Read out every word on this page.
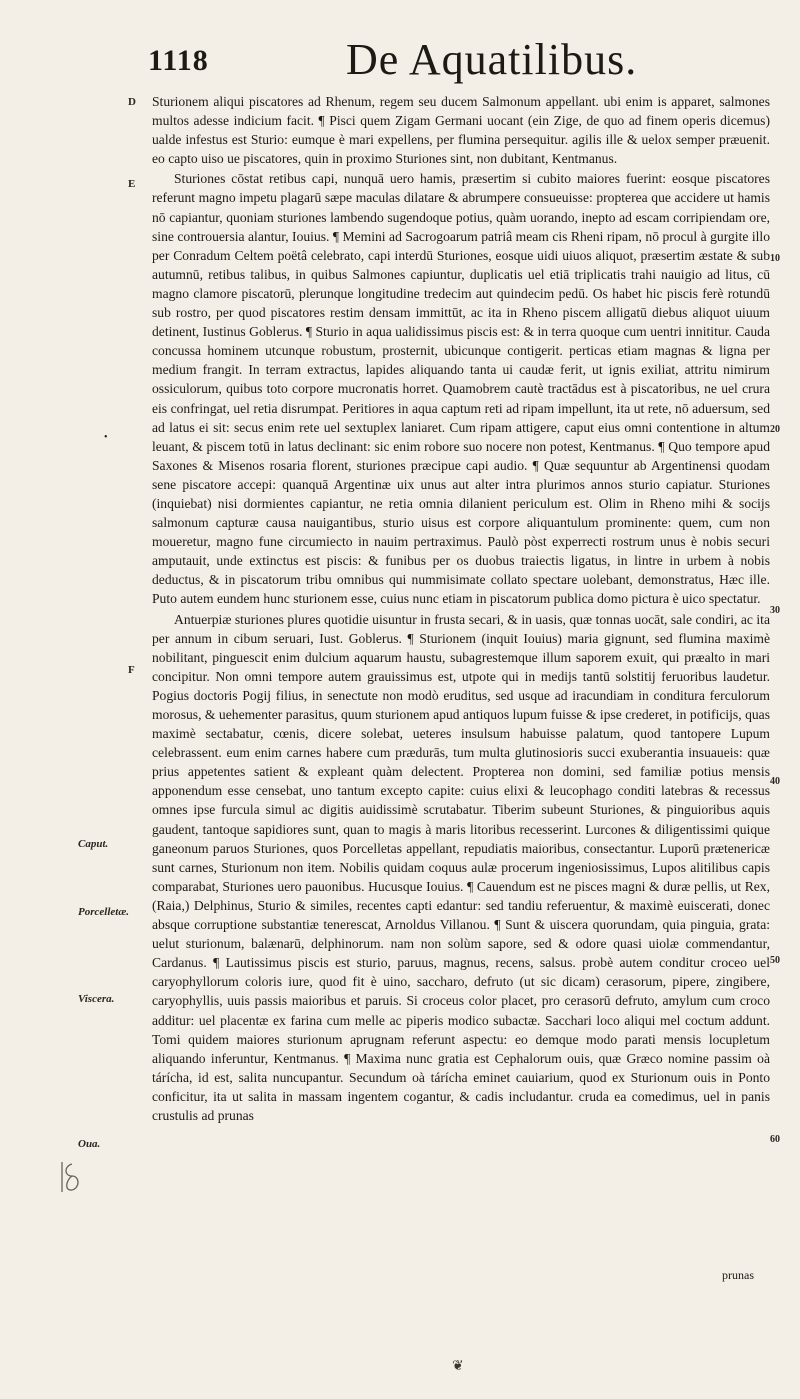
1118	De Aquatilibus.
D
E
F
•
10
20
30
40
50
60
Caput.
Porcelletæ.
Viscera.
Oua.

Sturionem aliqui piscatores ad Rhenum, regem seu ducem Salmonum appellant. ubi enim is apparet, salmones multos adesse indicium facit. ¶ Pisci quem Zigam Germani uocant (ein Zige, de quo ad finem operis dicemus) ualde infestus est Sturio: eumque è mari expellens, per flumina persequitur. agilis ille & uelox semper præuenit. eo capto uiso ue piscatores, quin in proximo Sturiones sint, non dubitant, Kentmanus.

Sturiones cōstat retibus capi, nunquā uero hamis, præsertim si cubito maiores fuerint: eosque piscatores referunt magno impetu plagarū sæpe maculas dilatare & abrumpere consueuisse: propterea que accidere ut hamis nō capiantur, quoniam sturiones lambendo sugendoque potius, quàm uorando, inepto ad escam corripiendam ore, sine controuersia alantur, Iouius. ¶ Memini ad Sacrogoarum patriâ meam cis Rheni ripam, nō procul à gurgite illo per Conradum Celtem poëtâ celebrato, capi interdū Sturiones, eosque uidi uiuos aliquot, præsertim æstate & sub autumnū, retibus talibus, in quibus Salmones capiuntur, duplicatis uel etiā triplicatis trahi nauigio ad litus, cū magno clamore piscatorū, plerunque longitudine tredecim aut quindecim pedū. Os habet hic piscis ferè rotundū sub rostro, per quod piscatores restim densam immittūt, ac ita in Rheno piscem alligatū diebus aliquot uiuum detinent, Iustinus Goblerus. ¶ Sturio in aqua ualidissimus piscis est: & in terra quoque cum uentri innititur. Cauda concussa hominem utcunque robustum, prosternit, ubicunque contigerit. perticas etiam magnas & ligna per medium frangit. In terram extractus, lapides aliquando tanta ui caudæ ferit, ut ignis exiliat, attritu nimirum ossiculorum, quibus toto corpore mucronatis horret. Quamobrem cautè tractādus est à piscatoribus, ne uel crura eis confringat, uel retia disrumpat. Peritiores in aqua captum reti ad ripam impellunt, ita ut rete, nō aduersum, sed ad latus ei sit: secus enim rete uel sextuplex laniaret. Cum ripam attigere, caput eius omni contentione in altum leuant, & piscem totū in latus declinant: sic enim robore suo nocere non potest, Kentmanus. ¶ Quo tempore apud Saxones & Misenos rosaria florent, sturiones præcipue capi audio. ¶ Quæ sequuntur ab Argentinensi quodam sene piscatore accepi: quanquā Argentinæ uix unus aut alter intra plurimos annos sturio capiatur. Sturiones (inquiebat) nisi dormientes capiantur, ne retia omnia dilanient periculum est. Olim in Rheno mihi & socijs salmonum capturæ causa nauigantibus, sturio uisus est corpore aliquantulum prominente: quem, cum non moueretur, magno fune circumiecto in nauim pertraximus. Paulò pòst experrecti rostrum unus è nobis securi amputauit, unde extinctus est piscis: & funibus per os duobus traiectis ligatus, in lintre in urbem à nobis deductus, & in piscatorum tribu omnibus qui nummisimate collato spectare uolebant, demonstratus, Hæc ille. Puto autem eundem hunc sturionem esse, cuius nunc etiam in piscatorum publica domo pictura è uico spectatur.

Antuerpiæ sturiones plures quotidie uisuntur in frusta secari, & in uasis, quæ tonnas uocāt, sale condiri, ac ita per annum in cibum seruari, Iust. Goblerus. ¶ Sturionem (inquit Iouius) maria gignunt, sed flumina maximè nobilitant, pinguescit enim dulcium aquarum haustu, subagrestemque illum saporem exuit, qui præalto in mari concipitur. Non omni tempore autem grauissimus est, utpote qui in medijs tantū solstitij feruoribus laudetur. Pogius doctoris Pogij filius, in senectute non modò eruditus, sed usque ad iracundiam in conditura ferculorum morosus, & uehementer parasitus, quum sturionem apud antiquos lupum fuisse & ipse crederet, in potificijs, quas maximè sectabatur, cœnis, dicere solebat, ueteres insulsum habuisse palatum, quod tantopere Lupum celebrassent. eum enim carnes habere cum prædurās, tum multa glutinosioris succi exuberantia insuaueis: quæ prius appetentes satient & expleant quàm delectent. Propterea non domini, sed familiæ potius mensis apponendum esse censebat, uno tantum excepto capite: cuius elixi & leucophago conditi latebras & recessus omnes ipse furcula simul ac digitis auidissimè scrutabatur. Tiberim subeunt Sturiones, & pinguioribus aquis gaudent, tantoque sapidiores sunt, quan to magis à maris litoribus recesserint. Lurcones & diligentissimi quique ganeonum paruos Sturiones, quos Porcelletas appellant, repudiatis maioribus, consectantur. Luporū prætenericæ sunt carnes, Sturionum non item. Nobilis quidam coquus aulæ procerum ingeniosissimus, Lupos alitilibus capis comparabat, Sturiones uero pauonibus. Hucusque Iouius. ¶ Cauendum est ne pisces magni & duræ pellis, ut Rex, (Raia,) Delphinus, Sturio & similes, recentes capti edantur: sed tandiu referuentur, & maximè euiscerati, donec absque corruptione substantiæ tenerescat, Arnoldus Villanou. ¶ Sunt & uiscera quorundam, quia pinguia, grata: uelut sturionum, balænarū, delphinorum. nam non solùm sapore, sed & odore quasi uiolæ commendantur, Cardanus. ¶ Lautissimus piscis est sturio, paruus, magnus, recens, salsus. probè autem conditur croceo uel caryophyllorum coloris iure, quod fit è uino, saccharo, defruto (ut sic dicam) cerasorum, pipere, zingibere, caryophyllis, uuis passis maioribus et paruis. Si croceus color placet, pro cerasorū defruto, amylum cum croco additur: uel placentæ ex farina cum melle ac piperis modico subactæ. Sacchari loco aliqui mel coctum addunt. Tomi quidem maiores sturionum aprugnam referunt aspectu: eo demque modo parati mensis locupletum aliquando inferuntur, Kentmanus. ¶ Maxima nunc gratia est Cephalorum ouis, quæ Græco nomine passim oà tárícha, id est, salita nuncupantur. Secundum oà tárícha eminet cauiarium, quod ex Sturionum ouis in Ponto conficitur, ita ut salita in massam ingentem cogantur, & cadis includantur. cruda ea comedimus, uel in panis crustulis ad prunas

prunas
❦
